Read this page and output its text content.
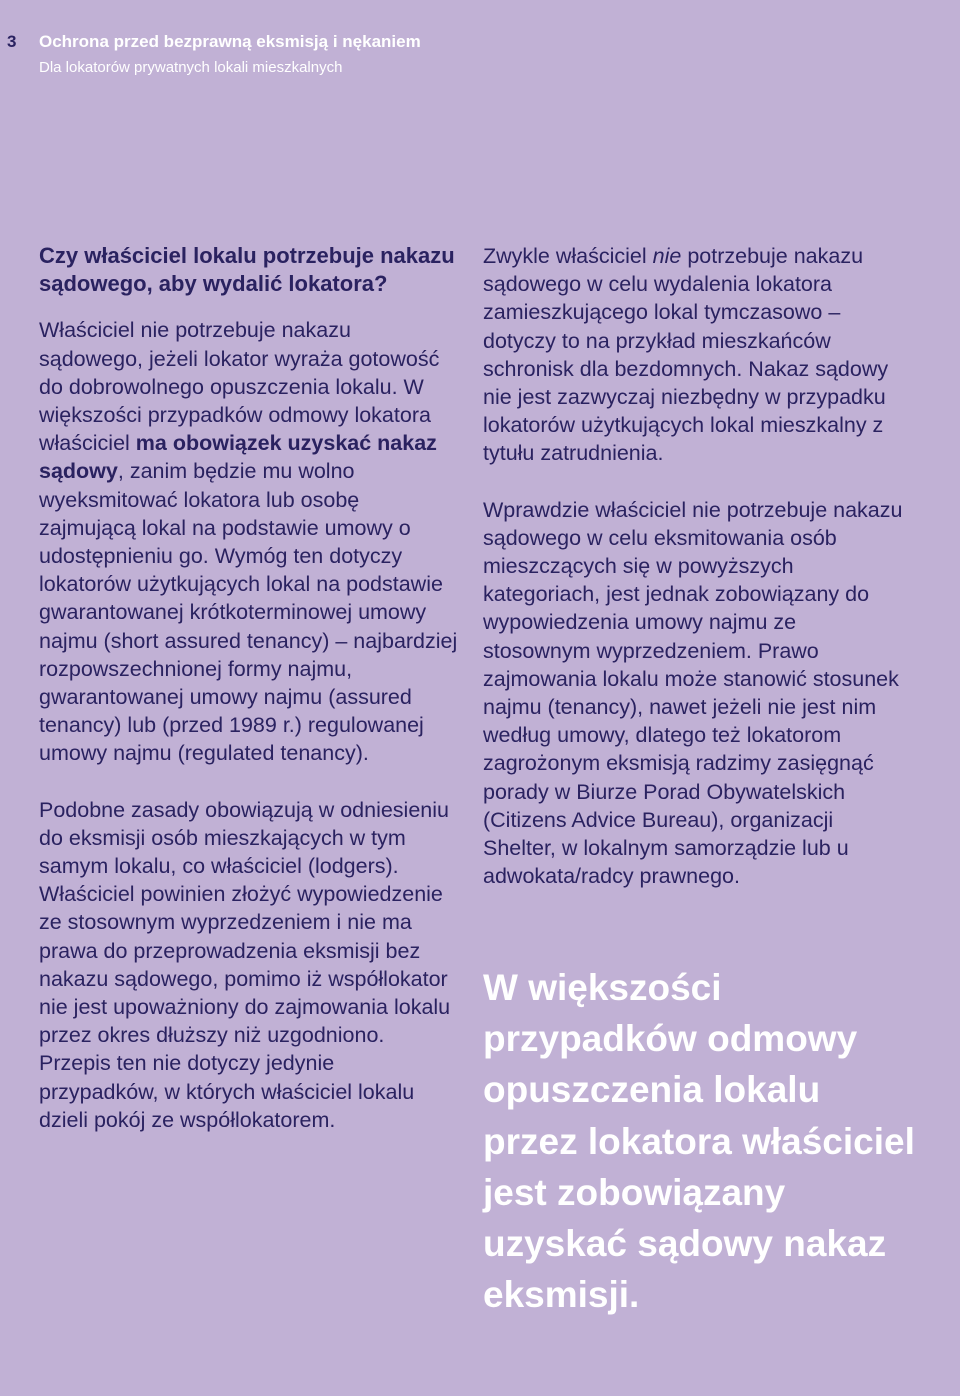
3 Ochrona przed bezprawną eksmisją i nękaniem
Dla lokatorów prywatnych lokali mieszkalnych

Czy właściciel lokalu potrzebuje nakazu sądowego, aby wydalić lokatora?

Właściciel nie potrzebuje nakazu sądowego, jeżeli lokator wyraża gotowość do dobrowolnego opuszczenia lokalu. W większości przypadków odmowy lokatora właściciel ma obowiązek uzyskać nakaz sądowy, zanim będzie mu wolno wyeksmitować lokatora lub osobę zajmującą lokal na podstawie umowy o udostępnieniu go. Wymóg ten dotyczy lokatorów użytkujących lokal na podstawie gwarantowanej krótkoterminowej umowy najmu (short assured tenancy) – najbardziej rozpowszechnionej formy najmu, gwarantowanej umowy najmu (assured tenancy) lub (przed 1989 r.) regulowanej umowy najmu (regulated tenancy).

Podobne zasady obowiązują w odniesieniu do eksmisji osób mieszkających w tym samym lokalu, co właściciel (lodgers). Właściciel powinien złożyć wypowiedzenie ze stosownym wyprzedzeniem i nie ma prawa do przeprowadzenia eksmisji bez nakazu sądowego, pomimo iż współlokator nie jest upoważniony do zajmowania lokalu przez okres dłuższy niż uzgodniono. Przepis ten nie dotyczy jedynie przypadków, w których właściciel lokalu dzieli pokój ze współlokatorem.

Zwykle właściciel nie potrzebuje nakazu sądowego w celu wydalenia lokatora zamieszkującego lokal tymczasowo – dotyczy to na przykład mieszkańców schronisk dla bezdomnych. Nakaz sądowy nie jest zazwyczaj niezbędny w przypadku lokatorów użytkujących lokal mieszkalny z tytułu zatrudnienia.

Wprawdzie właściciel nie potrzebuje nakazu sądowego w celu eksmitowania osób mieszczących się w powyższych kategoriach, jest jednak zobowiązany do wypowiedzenia umowy najmu ze stosownym wyprzedzeniem. Prawo zajmowania lokalu może stanowić stosunek najmu (tenancy), nawet jeżeli nie jest nim według umowy, dlatego też lokatorom zagrożonym eksmisją radzimy zasięgnąć porady w Biurze Porad Obywatelskich (Citizens Advice Bureau), organizacji Shelter, w lokalnym samorządzie lub u adwokata/radcy prawnego.

W większości przypadków odmowy opuszczenia lokalu przez lokatora właściciel jest zobowiązany uzyskać sądowy nakaz eksmisji.
